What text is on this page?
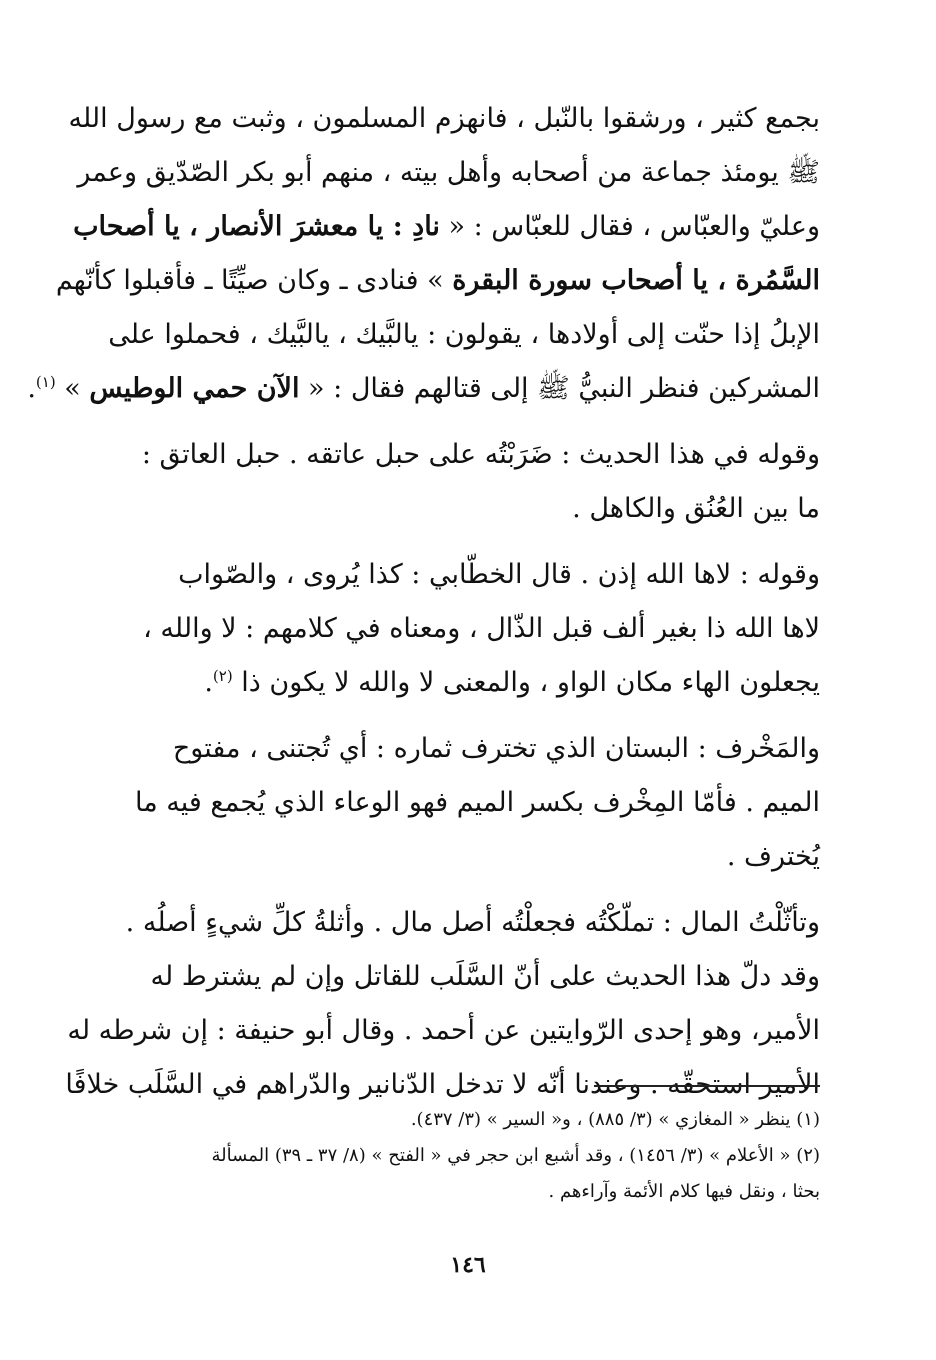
بجمع كثير ، ورشقوا بالنّبل ، فانهزم المسلمون ، وثبت مع رسول الله
ﷺ يومئذ جماعة من أصحابه وأهل بيته ، منهم أبو بكر الصّدّيق وعمر
وعليّ والعبّاس ، فقال للعبّاس : « نادِ : يا معشرَ الأنصار ، يا أصحاب
السَّمُرة ، يا أصحاب سورة البقرة » فنادى ـ وكان صيِّتًا ـ فأقبلوا كأنّهم
الإبلُ إذا حنّت إلى أولادها ، يقولون : يالبَّيك ، يالبَّيك ، فحملوا على
المشركين فنظر النبيُّ ﷺ إلى قتالهم فقال : « الآن حمي الوطيس » $^{(١)}$.

وقوله في هذا الحديث : ضَرَبْتُه على حبل عاتقه . حبل العاتق :
ما بين العُنُق والكاهل .

وقوله : لاها الله إذن . قال الخطّابي : كذا يُروى ، والصّواب
لاها الله ذا بغير ألف قبل الذّال ، ومعناه في كلامهم : لا والله ،
يجعلون الهاء مكان الواو ، والمعنى لا والله لا يكون ذا $^{(٢)}$.

والمَخْرف : البستان الذي تخترف ثماره : أي تُجتنى ، مفتوح
الميم . فأمّا المِخْرف بكسر الميم فهو الوعاء الذي يُجمع فيه ما
يُخترف .

وتأثّلْتُ المال : تملّكْتُه فجعلْتُه أصل مال . وأثلةُ كلِّ شيءٍ أصلُه .

وقد دلّ هذا الحديث على أنّ السَّلَب للقاتل وإن لم يشترط له
الأمير، وهو إحدى الرّوايتين عن أحمد . وقال أبو حنيفة : إن شرطه له
الأمير استحقّه . وعندنا أنّه لا تدخل الدّنانير والدّراهم في السَّلَب خلافًا

(١) ينظر « المغازي » (٣/ ٨٨٥) ، و« السير » (٣/ ٤٣٧).
(٢) « الأعلام » (٣/ ١٤٥٦) ، وقد أشبع ابن حجر في « الفتح » (٨/ ٣٧ ـ ٣٩) المسألة
بحثا ، ونقل فيها كلام الأئمة وآراءهم .
١٤٦
